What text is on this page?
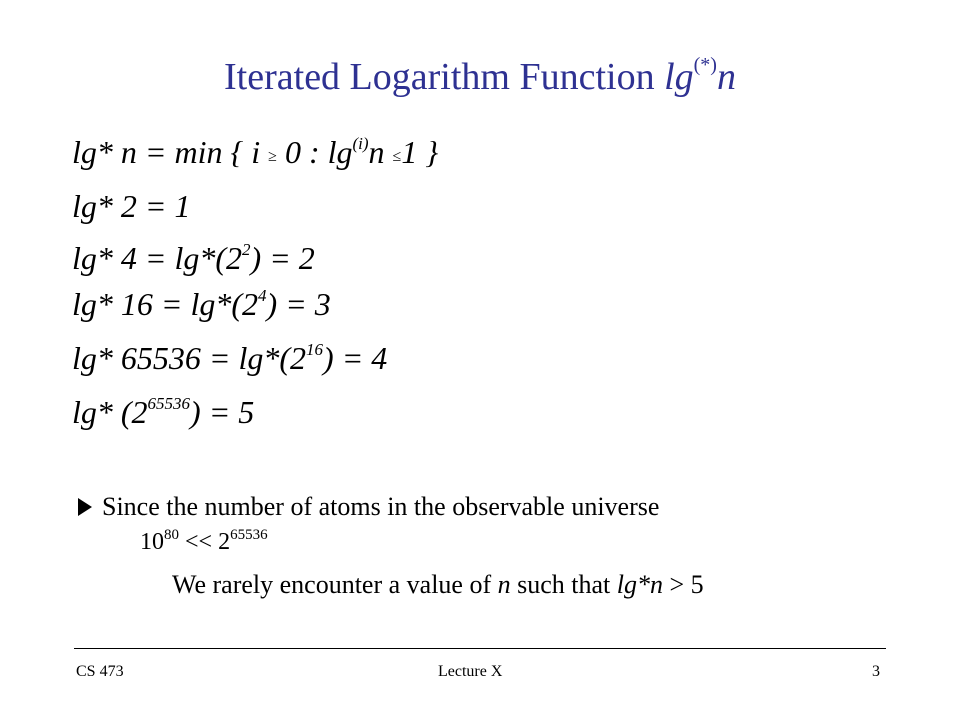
Iterated Logarithm Function lg(*)n
lg* n = min { i ≥ 0 : $\lg^{(i)}n \le 1$ }
lg* 2 = 1
lg* $4 = \lg*(2^2) = 2$
lg* $16 = \lg*(2^4) = 3$
lg* $65536 = \lg*(2^{16}) = 4$
lg* $(2^{65536}) = 5$
Since the number of atoms in the observable universe
$10^{80} << 2^{65536}$
We rarely encounter a value of n such that lg*n > 5
CS 473	Lecture X	3
